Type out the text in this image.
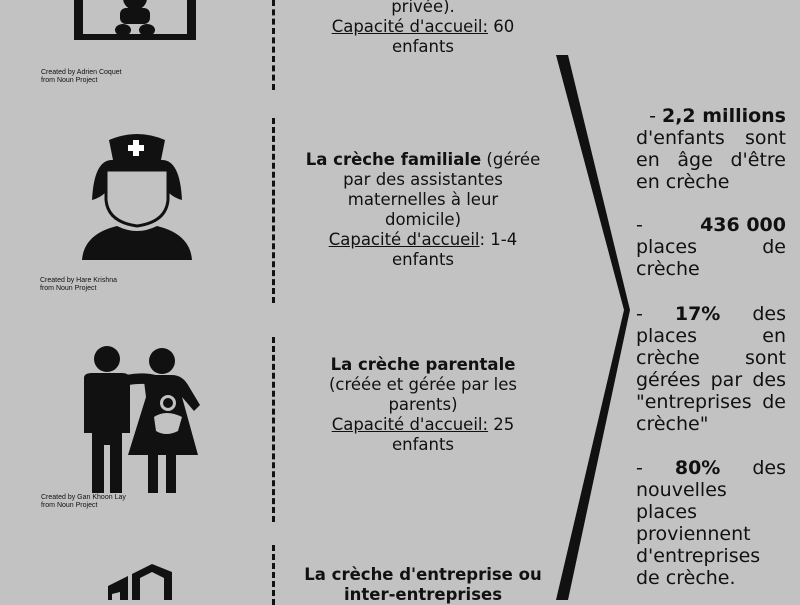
Created by Adrien Coquet
from Noun Project
privée).
Capacité d'accueil: 60
enfants
Created by Hare Krishna
from Noun Project
La crèche familiale (gérée
par des assistantes
maternelles à leur
domicile)
Capacité d'accueil: 1-4
enfants
Created by Gan Khoon Lay
from Noun Project
La crèche parentale
(créée et gérée par les
parents)
Capacité d'accueil: 25
enfants
La crèche d'entreprise ou
inter-entreprises
- 2,2 millions
d'enfants sont
en âge d'être
en crèche
-	436 000
places de
crèche
- 17% des
places en
crèche sont
gérées par des
"entreprises de
crèche"
- 80% des
nouvelles
places
proviennent
d'entreprises
de crèche.
